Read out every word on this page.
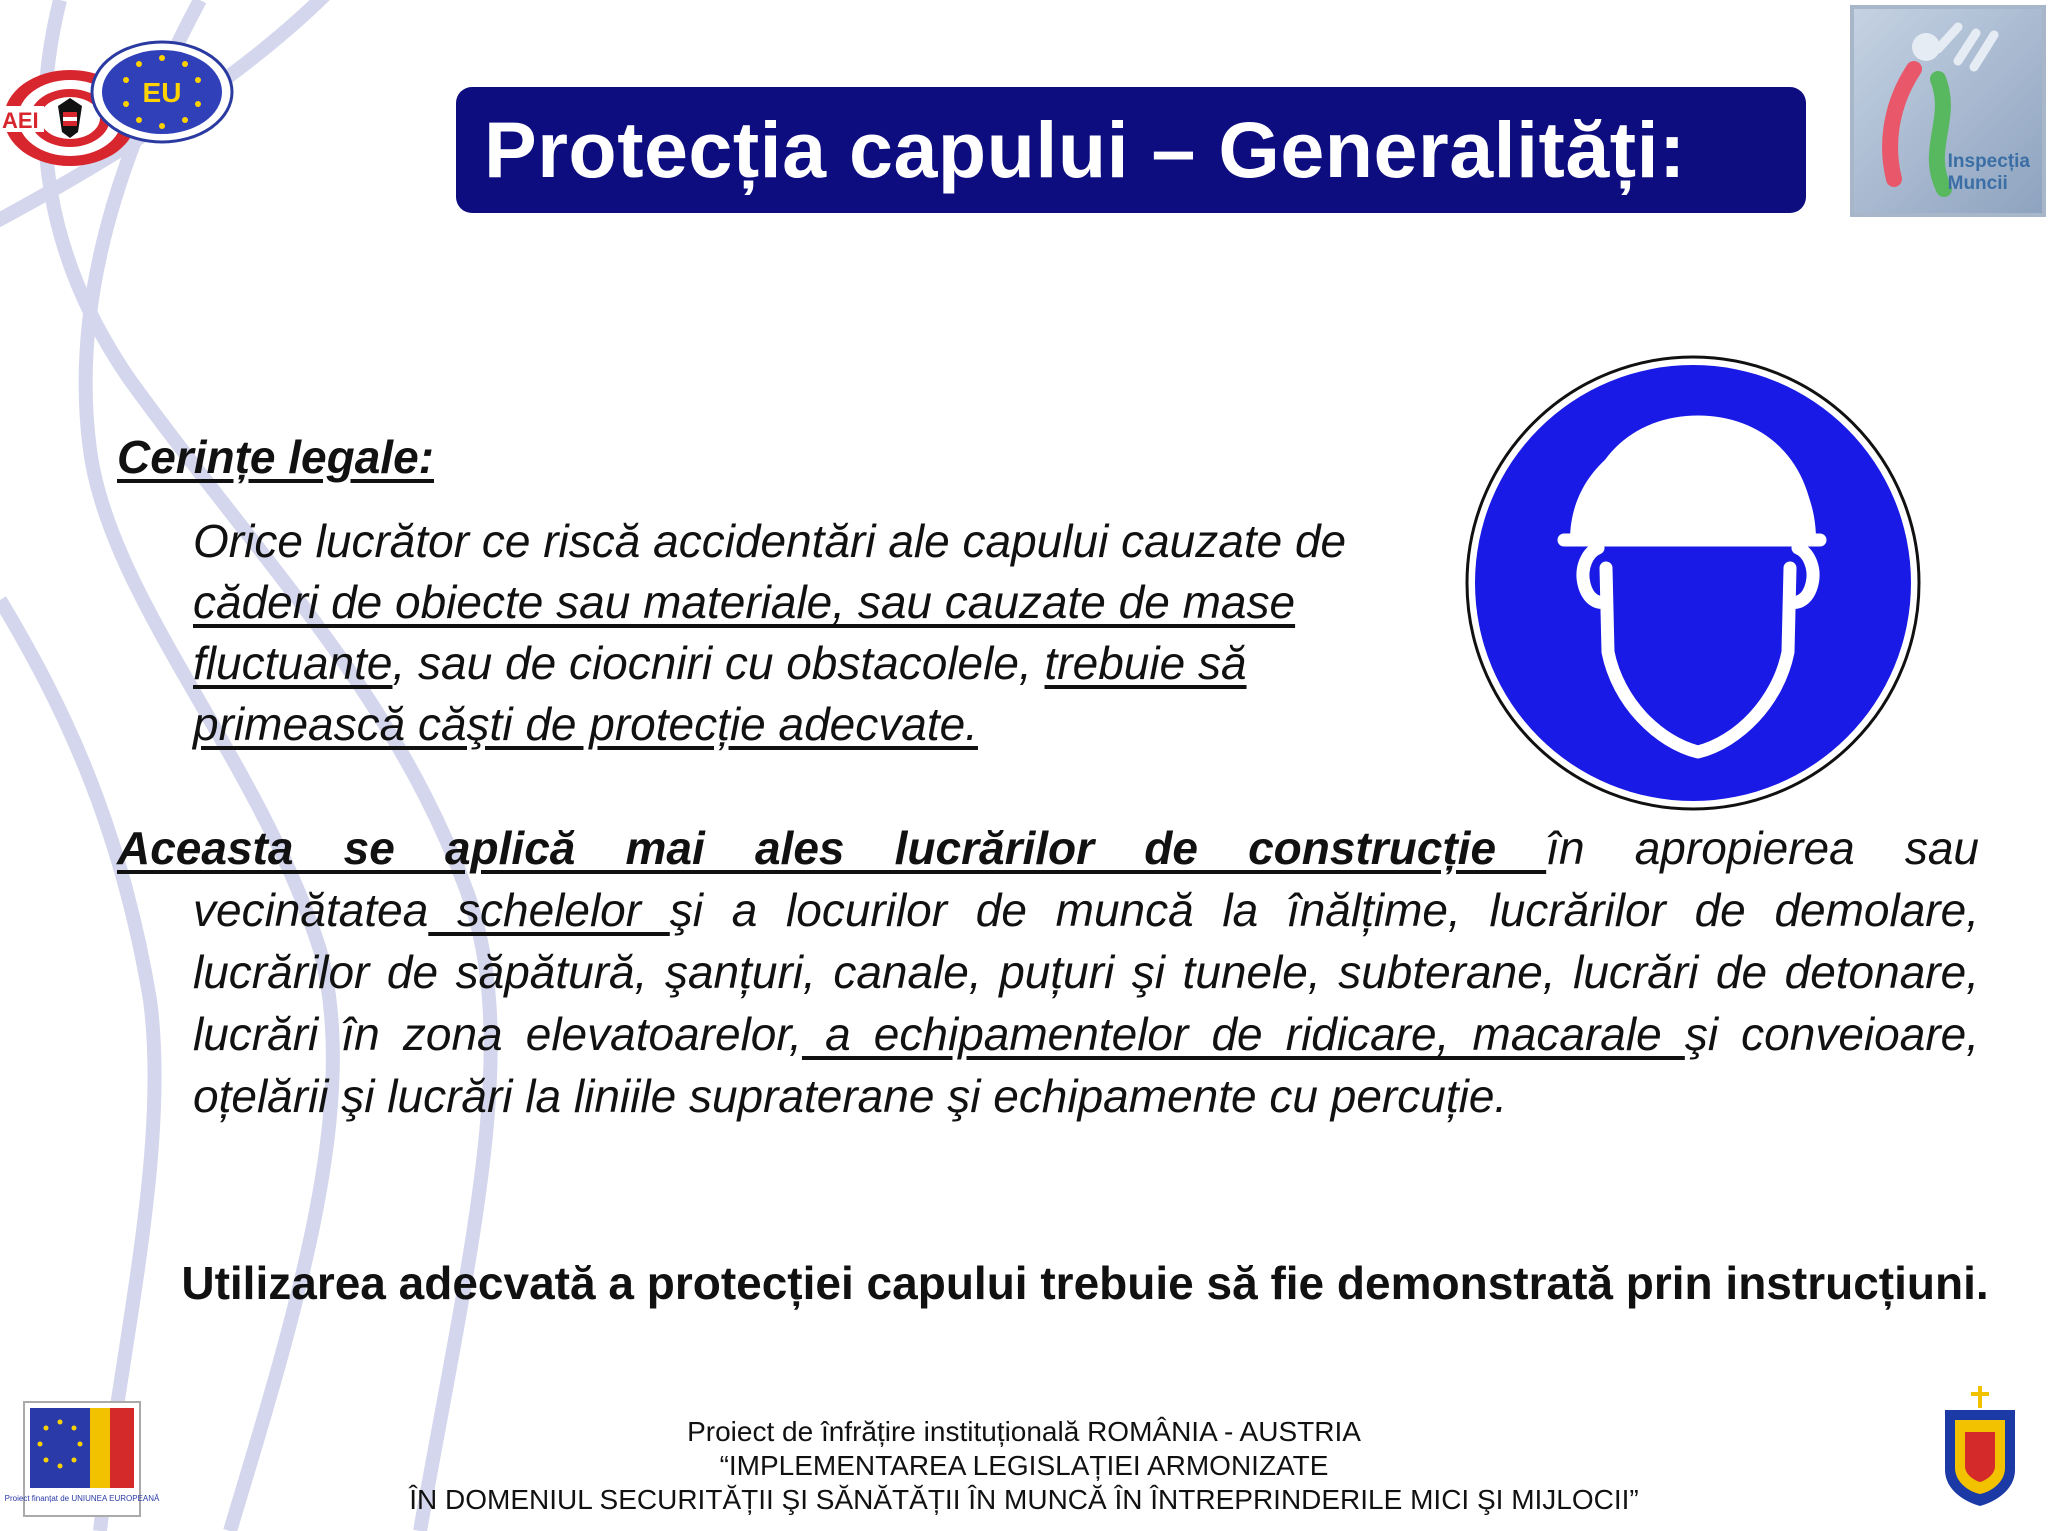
EU
AEI	Protecția capului – Generalități:	Inspecția
Muncii
Cerințe legale:
Orice lucrător ce riscă accidentări ale capului cauzate de căderi de obiecte sau materiale, sau cauzate de mase fluctuante, sau de ciocniri cu obstacolele, trebuie să primească căşti de protecție adecvate.
Aceasta se aplică mai ales lucrărilor de construcție în apropierea sau
vecinătatea schelelor şi a locurilor de muncă la înălțime, lucrărilor de demolare, lucrărilor de săpătură, şanțuri, canale, puțuri şi tunele, subterane, lucrări de detonare, lucrări în zona elevatoarelor, a echipamentelor de ridicare, macarale şi conveioare, oțelării şi lucrări la liniile supraterane şi echipamente cu percuție.
Utilizarea adecvată a protecției capului trebuie să fie demonstrată prin instrucțiuni.
Proiect finanțat de UNIUNEA EUROPEANĂ
Proiect de înfrățire instituțională ROMÂNIA - AUSTRIA
“IMPLEMENTAREA LEGISLAȚIEI ARMONIZATE
ÎN DOMENIUL SECURITĂȚII ŞI SĂNĂTĂȚII ÎN MUNCĂ ÎN ÎNTREPRINDERILE MICI ŞI MIJLOCII”
